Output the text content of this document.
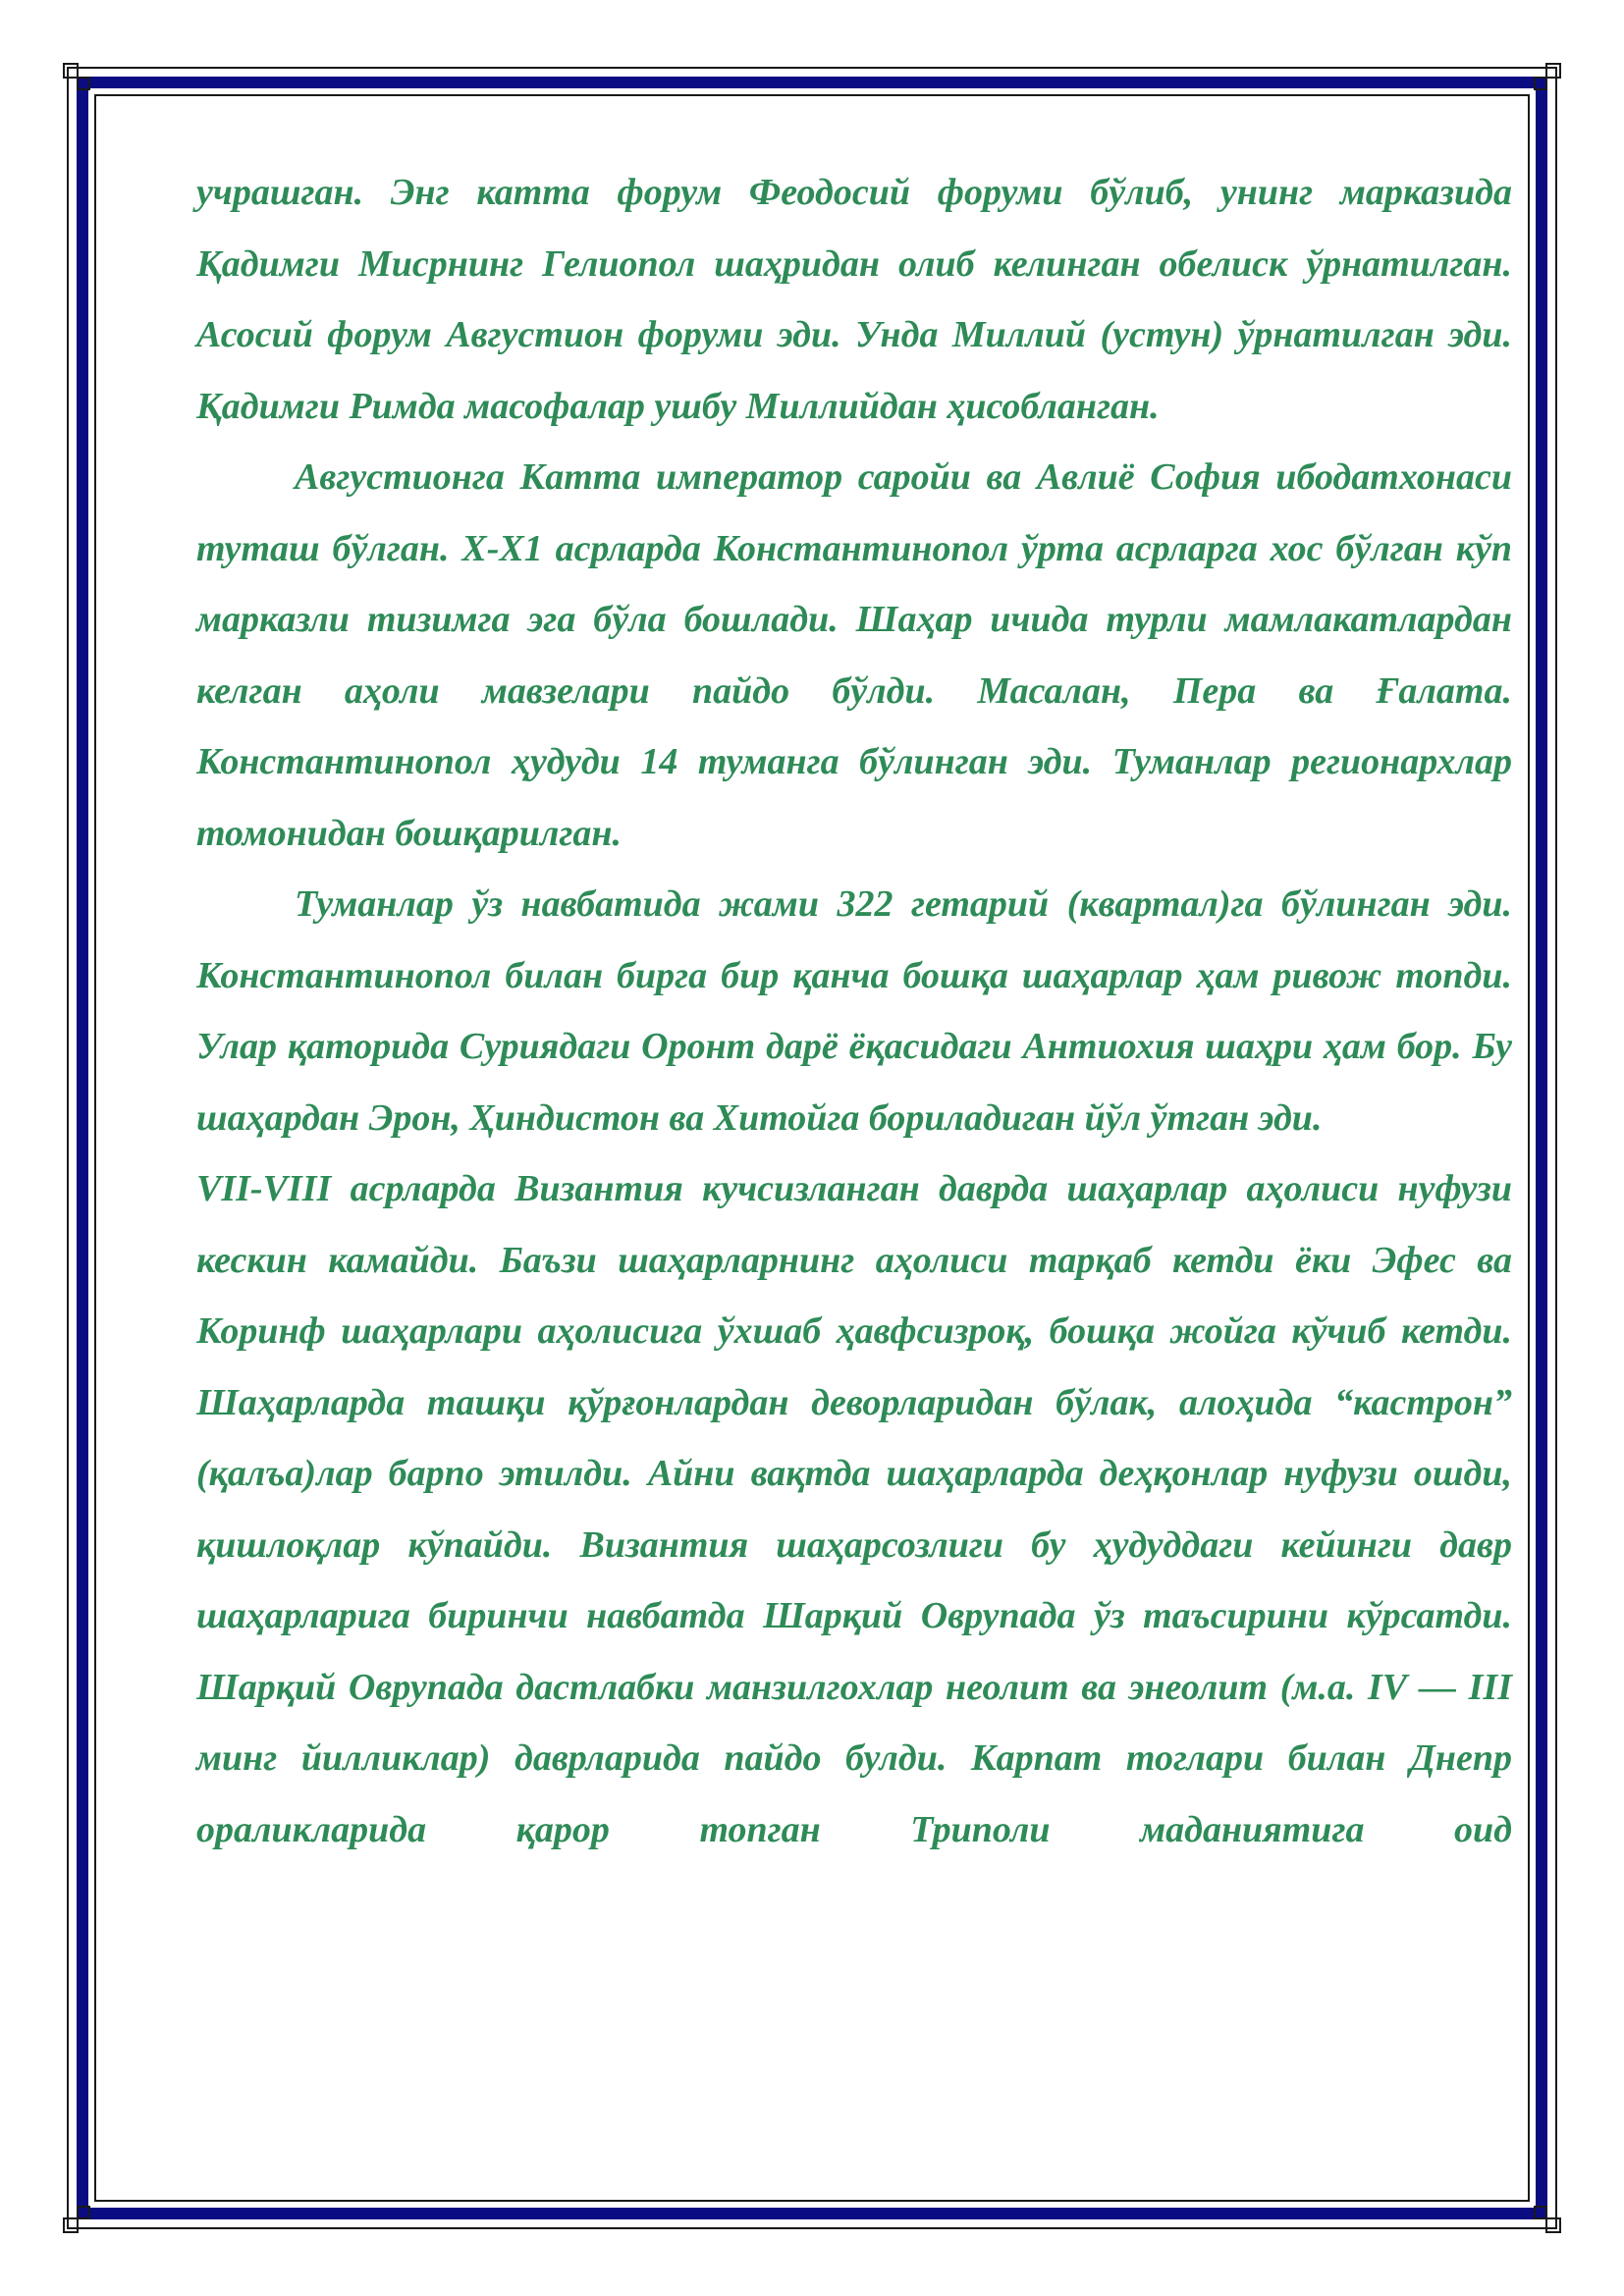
учрашган. Энг катта форум Феодосий форуми бўлиб, унинг марказида Қадимги Мисрнинг Гелиопол шаҳридан олиб келинган обелиск ўрнатилган. Асосий форум Августион форуми эди. Унда Миллий (устун) ўрнатилган эди. Қадимги Римда масофалар ушбу Миллийдан ҳисобланган.

Августионга Катта император саройи ва Авлиё София ибодатхонаси туташ бўлган. X-X1 асрларда Константинопол ўрта асрларга хос бўлган кўп марказли тизимга эга бўла бошлади. Шаҳар ичида турли мамлакатлардан келган аҳоли мавзелари пайдо бўлди. Масалан, Пера ва Ғалата. Константинопол ҳудуди 14 туманга бўлинган эди. Туманлар регионархлар томонидан бошқарилган.

Туманлар ўз навбатида жами 322 гетарий (квартал)га бўлинган эди. Константинопол билан бирга бир қанча бошқа шаҳарлар ҳам ривож топди. Улар қаторида Суриядаги Оронт дарё ёқасидаги Антиохия шаҳри ҳам бор. Бу шаҳардан Эрон, Ҳиндистон ва Хитойга бориладиган йўл ўтган эди.

VII-VIII асрларда Византия кучсизланган даврда шаҳарлар аҳолиси нуфузи кескин камайди. Баъзи шаҳарларнинг аҳолиси тарқаб кетди ёки Эфес ва Коринф шаҳарлари аҳолисига ўхшаб ҳавфсизроқ, бошқа жойга кўчиб кетди. Шаҳарларда ташқи қўрғонлардан деворларидан бўлак, алоҳида “кастрон” (қалъа)лар барпо этилди. Айни вақтда шаҳарларда деҳқонлар нуфузи ошди, қишлоқлар кўпайди. Византия шаҳарсозлиги бу ҳудуддаги кейинги давр шаҳарларига биринчи навбатда Шарқий Оврупада ўз таъсирини кўрсатди. Шарқий Оврупада дастлабки манзилгохлар неолит ва энеолит (м.а. IV — III минг йилликлар) даврларида пайдо булди. Карпат тоглари билан Днепр ораликларида қарор топган Триполи маданиятига оид
